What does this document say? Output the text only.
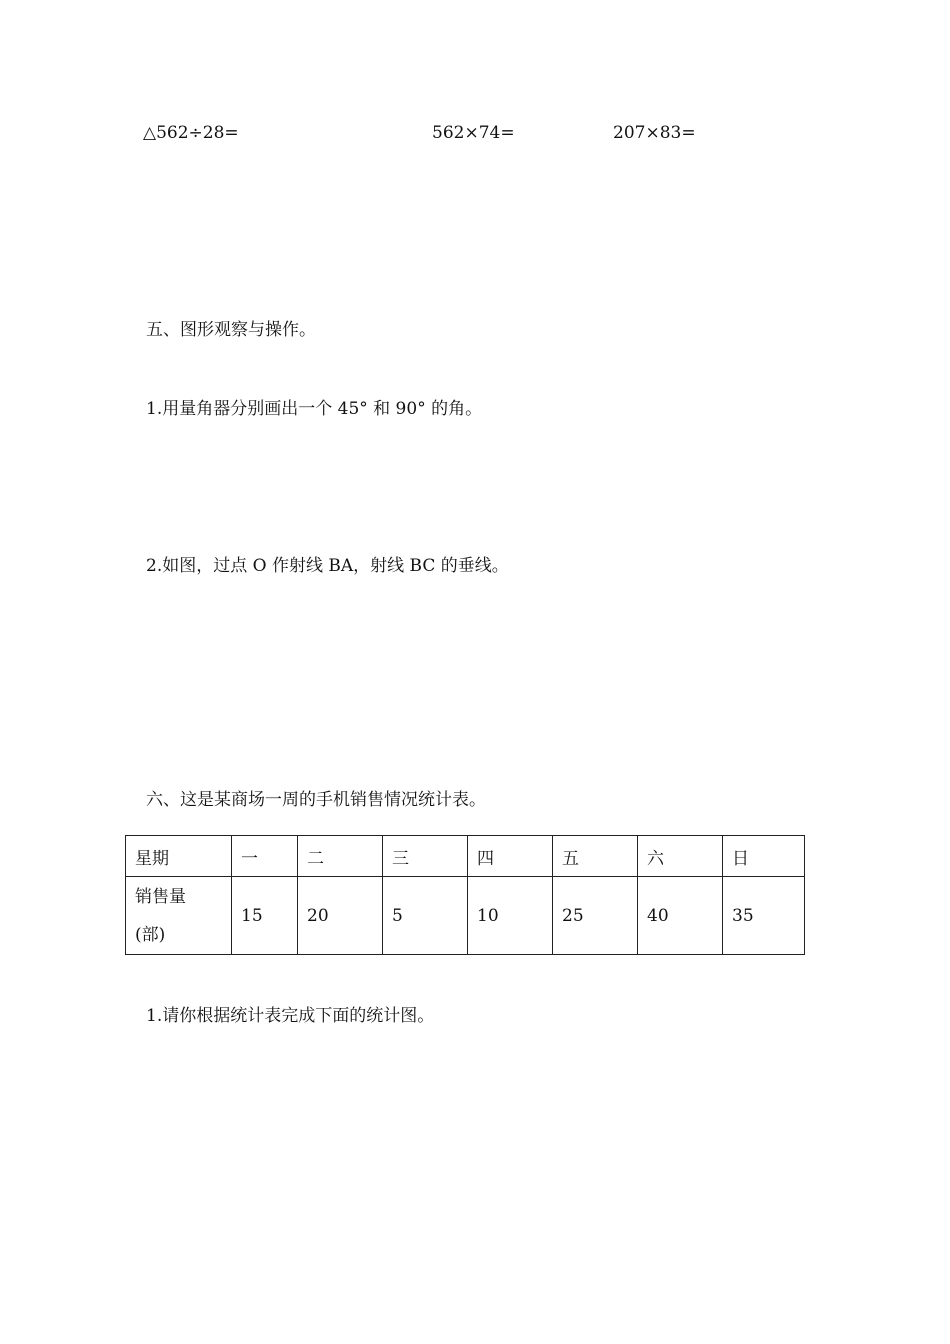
△562÷28=	562×74=	207×83=
五、图形观察与操作。
1.用量角器分别画出一个 45° 和 90° 的角。
2.如图，过点 O 作射线 BA，射线 BC 的垂线。
六、这是某商场一周的手机销售情况统计表。
星期	一	二	三	四	五	六	日

销售量
(部)	15	20	5	10	25	40	35
1.请你根据统计表完成下面的统计图。
